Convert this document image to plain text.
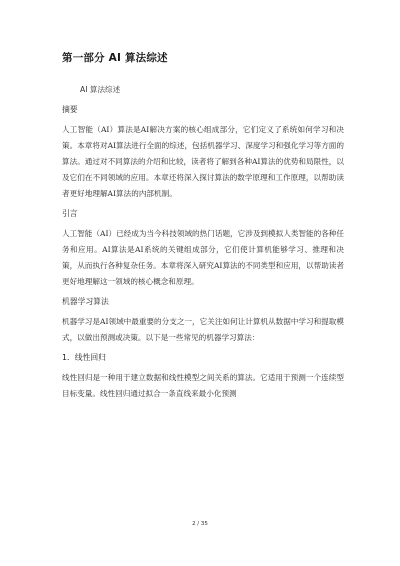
第一部分 AI 算法综述
AI 算法综述
摘要

人工智能（AI）算法是AI解决方案的核心组成部分，它们定义了系统如何学习和决策。本章将对AI算法进行全面的综述，包括机器学习、深度学习和强化学习等方面的算法。通过对不同算法的介绍和比较，读者将了解到各种AI算法的优势和局限性，以及它们在不同领域的应用。本章还将深入探讨算法的数学原理和工作原理，以帮助读者更好地理解AI算法的内部机制。

引言

人工智能（AI）已经成为当今科技领域的热门话题，它涉及到模拟人类智能的各种任务和应用。AI算法是AI系统的关键组成部分，它们使计算机能够学习、推理和决策，从而执行各种复杂任务。本章将深入研究AI算法的不同类型和应用，以帮助读者更好地理解这一领域的核心概念和原理。

机器学习算法

机器学习是AI领域中最重要的分支之一，它关注如何让计算机从数据中学习和提取模式，以做出预测或决策。以下是一些常见的机器学习算法：

1．线性回归

线性回归是一种用于建立数据和线性模型之间关系的算法。它适用于预测一个连续型目标变量。线性回归通过拟合一条直线来最小化预测

2 / 35
